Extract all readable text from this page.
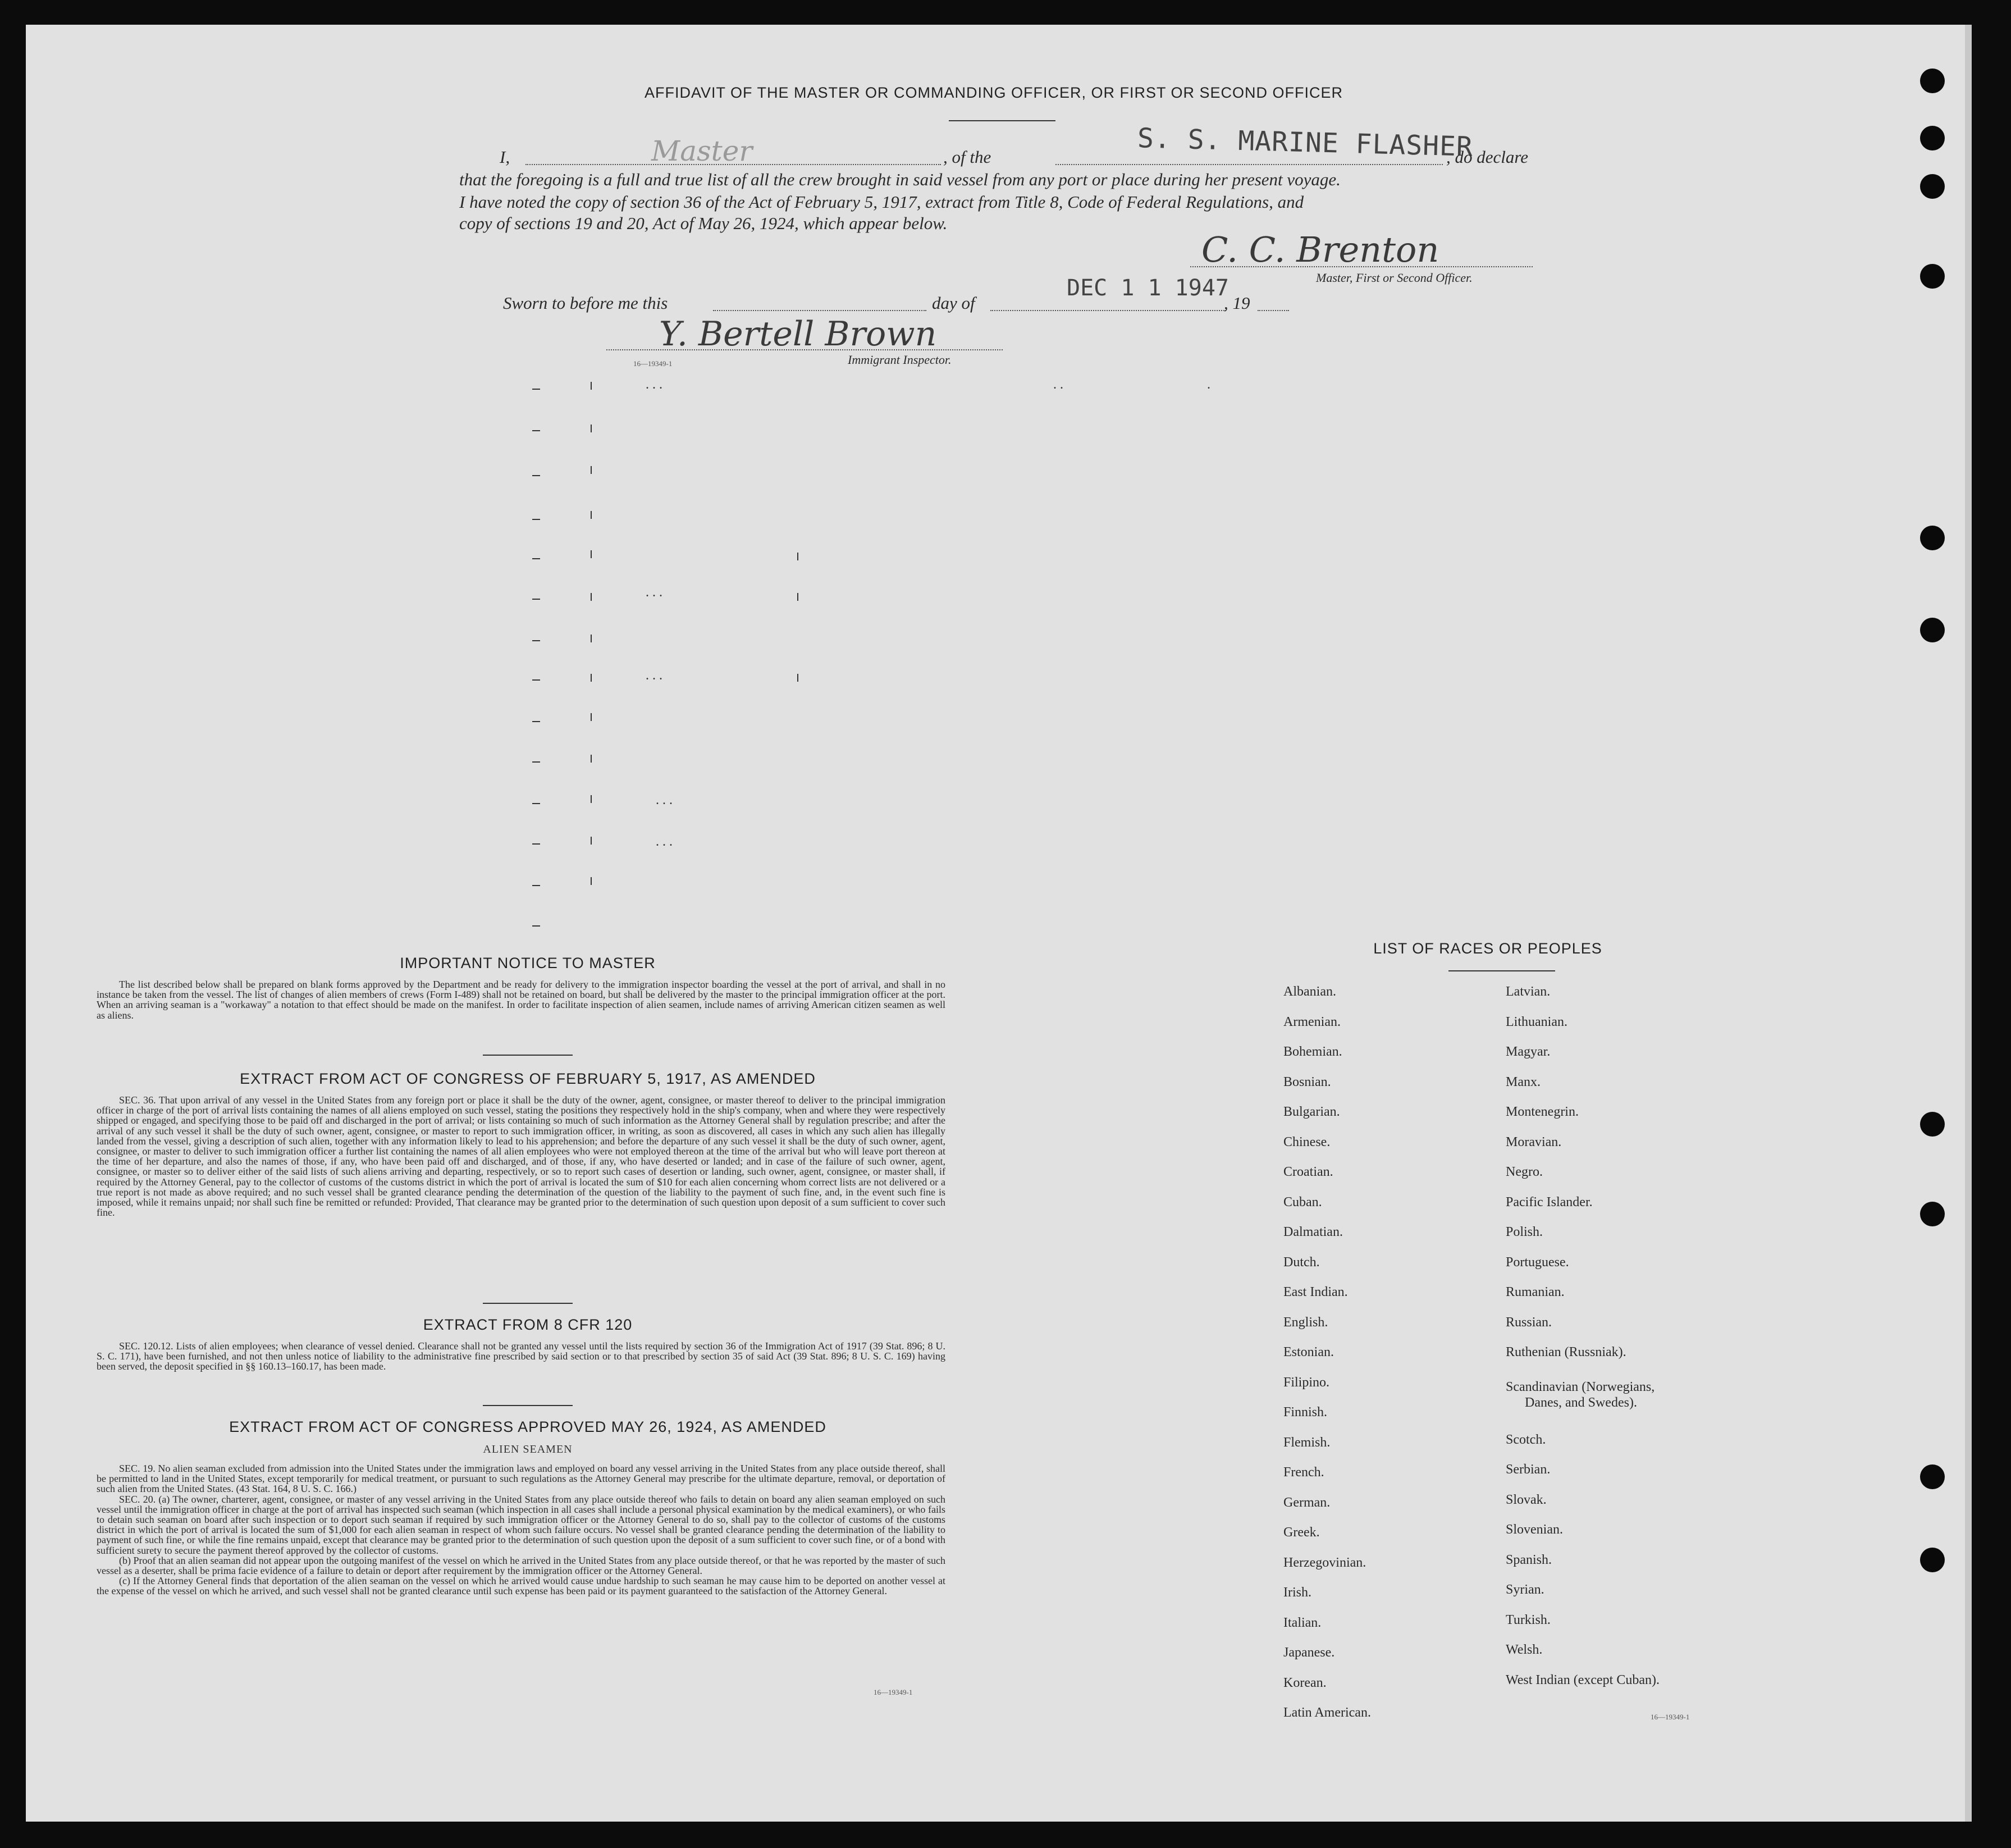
AFFIDAVIT OF THE MASTER OR COMMANDING OFFICER, OR FIRST OR SECOND OFFICER
I,	Master	, of the	S. S. MARINE FLASHER
, do declare
that the foregoing is a full and true list of all the crew brought in said vessel from any port or place during her present voyage.
I have noted the copy of section 36 of the Act of February 5, 1917, extract from Title 8, Code of Federal Regulations, and
copy of sections 19 and 20, Act of May 26, 1924, which appear below.
C. C. Brenton
Master, First or Second Officer.
Sworn to before me this	day of
DEC 1 1 1947
, 19
Y. Bertell Brown
16—19349-1	Immigrant Inspector.
...
...
...
...
...
..	.
IMPORTANT NOTICE TO MASTER

The list described below shall be prepared on blank forms approved by the Department and be ready for delivery to the immigration inspector boarding the vessel at the port of arrival, and shall in no instance be taken from the vessel. The list of changes of alien members of crews (Form I-489) shall not be retained on board, but shall be delivered by the master to the principal immigration officer at the port. When an arriving seaman is a "workaway" a notation to that effect should be made on the manifest. In order to facilitate inspection of alien seamen, include names of arriving American citizen seamen as well as aliens.

EXTRACT FROM ACT OF CONGRESS OF FEBRUARY 5, 1917, AS AMENDED

SEC. 36. That upon arrival of any vessel in the United States from any foreign port or place it shall be the duty of the owner, agent, consignee, or master thereof to deliver to the principal immigration officer in charge of the port of arrival lists containing the names of all aliens employed on such vessel, stating the positions they respectively hold in the ship's company, when and where they were respectively shipped or engaged, and specifying those to be paid off and discharged in the port of arrival; or lists containing so much of such information as the Attorney General shall by regulation prescribe; and after the arrival of any such vessel it shall be the duty of such owner, agent, consignee, or master to report to such immigration officer, in writing, as soon as discovered, all cases in which any such alien has illegally landed from the vessel, giving a description of such alien, together with any information likely to lead to his apprehension; and before the departure of any such vessel it shall be the duty of such owner, agent, consignee, or master to deliver to such immigration officer a further list containing the names of all alien employees who were not employed thereon at the time of the arrival but who will leave port thereon at the time of her departure, and also the names of those, if any, who have been paid off and discharged, and of those, if any, who have deserted or landed; and in case of the failure of such owner, agent, consignee, or master so to deliver either of the said lists of such aliens arriving and departing, respectively, or so to report such cases of desertion or landing, such owner, agent, consignee, or master shall, if required by the Attorney General, pay to the collector of customs of the customs district in which the port of arrival is located the sum of $10 for each alien concerning whom correct lists are not delivered or a true report is not made as above required; and no such vessel shall be granted clearance pending the determination of the question of the liability to the payment of such fine, and, in the event such fine is imposed, while it remains unpaid; nor shall such fine be remitted or refunded: Provided, That clearance may be granted prior to the determination of such question upon deposit of a sum sufficient to cover such fine.

EXTRACT FROM 8 CFR 120

SEC. 120.12. Lists of alien employees; when clearance of vessel denied. Clearance shall not be granted any vessel until the lists required by section 36 of the Immigration Act of 1917 (39 Stat. 896; 8 U. S. C. 171), have been furnished, and not then unless notice of liability to the administrative fine prescribed by said section or to that prescribed by section 35 of said Act (39 Stat. 896; 8 U. S. C. 169) having been served, the deposit specified in §§ 160.13–160.17, has been made.

EXTRACT FROM ACT OF CONGRESS APPROVED MAY 26, 1924, AS AMENDED
ALIEN SEAMEN

SEC. 19. No alien seaman excluded from admission into the United States under the immigration laws and employed on board any vessel arriving in the United States from any place outside thereof, shall be permitted to land in the United States, except temporarily for medical treatment, or pursuant to such regulations as the Attorney General may prescribe for the ultimate departure, removal, or deportation of such alien from the United States. (43 Stat. 164, 8 U. S. C. 166.)

SEC. 20. (a) The owner, charterer, agent, consignee, or master of any vessel arriving in the United States from any place outside thereof who fails to detain on board any alien seaman employed on such vessel until the immigration officer in charge at the port of arrival has inspected such seaman (which inspection in all cases shall include a personal physical examination by the medical examiners), or who fails to detain such seaman on board after such inspection or to deport such seaman if required by such immigration officer or the Attorney General to do so, shall pay to the collector of customs of the customs district in which the port of arrival is located the sum of $1,000 for each alien seaman in respect of whom such failure occurs. No vessel shall be granted clearance pending the determination of the liability to payment of such fine, or while the fine remains unpaid, except that clearance may be granted prior to the determination of such question upon the deposit of a sum sufficient to cover such fine, or of a bond with sufficient surety to secure the payment thereof approved by the collector of customs.

(b) Proof that an alien seaman did not appear upon the outgoing manifest of the vessel on which he arrived in the United States from any place outside thereof, or that he was reported by the master of such vessel as a deserter, shall be prima facie evidence of a failure to detain or deport after requirement by the immigration officer or the Attorney General.

(c) If the Attorney General finds that deportation of the alien seaman on the vessel on which he arrived would cause undue hardship to such seaman he may cause him to be deported on another vessel at the expense of the vessel on which he arrived, and such vessel shall not be granted clearance until such expense has been paid or its payment guaranteed to the satisfaction of the Attorney General.

16—19349-1
LIST OF RACES OR PEOPLES
Albanian.
Armenian.
Bohemian.
Bosnian.
Bulgarian.
Chinese.
Croatian.
Cuban.
Dalmatian.
Dutch.
East Indian.
English.
Estonian.
Filipino.
Finnish.
Flemish.
French.
German.
Greek.
Herzegovinian.
Irish.
Italian.
Japanese.
Korean.
Latin American.
Latvian.
Lithuanian.
Magyar.
Manx.
Montenegrin.
Moravian.
Negro.
Pacific Islander.
Polish.
Portuguese.
Rumanian.
Russian.
Ruthenian (Russniak).
Scandinavian (Norwegians,
Danes, and Swedes).
Scotch.
Serbian.
Slovak.
Slovenian.
Spanish.
Syrian.
Turkish.
Welsh.
West Indian (except Cuban).
16—19349-1
